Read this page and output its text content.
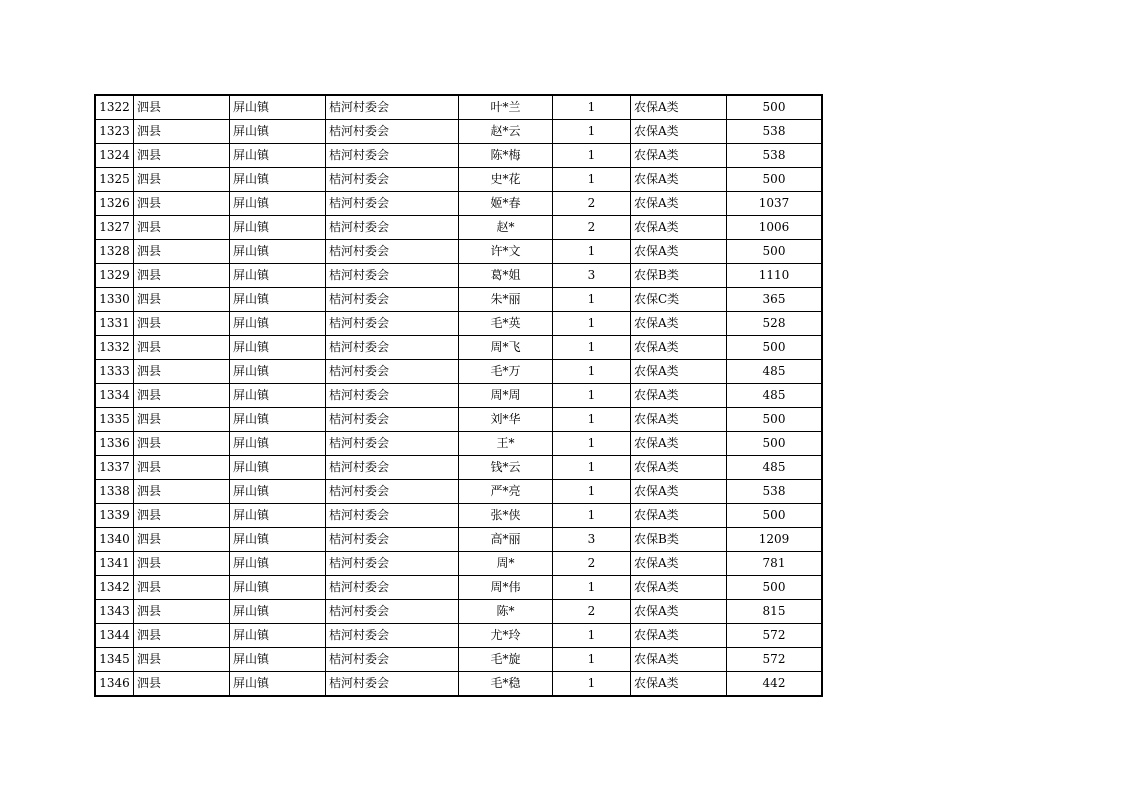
1322	泗县	屏山镇	桔河村委会	叶*兰	1	农保A类	500
1323	泗县	屏山镇	桔河村委会	赵*云	1	农保A类	538
1324	泗县	屏山镇	桔河村委会	陈*梅	1	农保A类	538
1325	泗县	屏山镇	桔河村委会	史*花	1	农保A类	500
1326	泗县	屏山镇	桔河村委会	姬*春	2	农保A类	1037
1327	泗县	屏山镇	桔河村委会	赵*	2	农保A类	1006
1328	泗县	屏山镇	桔河村委会	许*文	1	农保A类	500
1329	泗县	屏山镇	桔河村委会	葛*姐	3	农保B类	1110
1330	泗县	屏山镇	桔河村委会	朱*丽	1	农保C类	365
1331	泗县	屏山镇	桔河村委会	毛*英	1	农保A类	528
1332	泗县	屏山镇	桔河村委会	周*飞	1	农保A类	500
1333	泗县	屏山镇	桔河村委会	毛*万	1	农保A类	485
1334	泗县	屏山镇	桔河村委会	周*周	1	农保A类	485
1335	泗县	屏山镇	桔河村委会	刘*华	1	农保A类	500
1336	泗县	屏山镇	桔河村委会	王*	1	农保A类	500
1337	泗县	屏山镇	桔河村委会	钱*云	1	农保A类	485
1338	泗县	屏山镇	桔河村委会	严*亮	1	农保A类	538
1339	泗县	屏山镇	桔河村委会	张*侠	1	农保A类	500
1340	泗县	屏山镇	桔河村委会	高*丽	3	农保B类	1209
1341	泗县	屏山镇	桔河村委会	周*	2	农保A类	781
1342	泗县	屏山镇	桔河村委会	周*伟	1	农保A类	500
1343	泗县	屏山镇	桔河村委会	陈*	2	农保A类	815
1344	泗县	屏山镇	桔河村委会	尤*玲	1	农保A类	572
1345	泗县	屏山镇	桔河村委会	毛*旋	1	农保A类	572
1346	泗县	屏山镇	桔河村委会	毛*稳	1	农保A类	442
